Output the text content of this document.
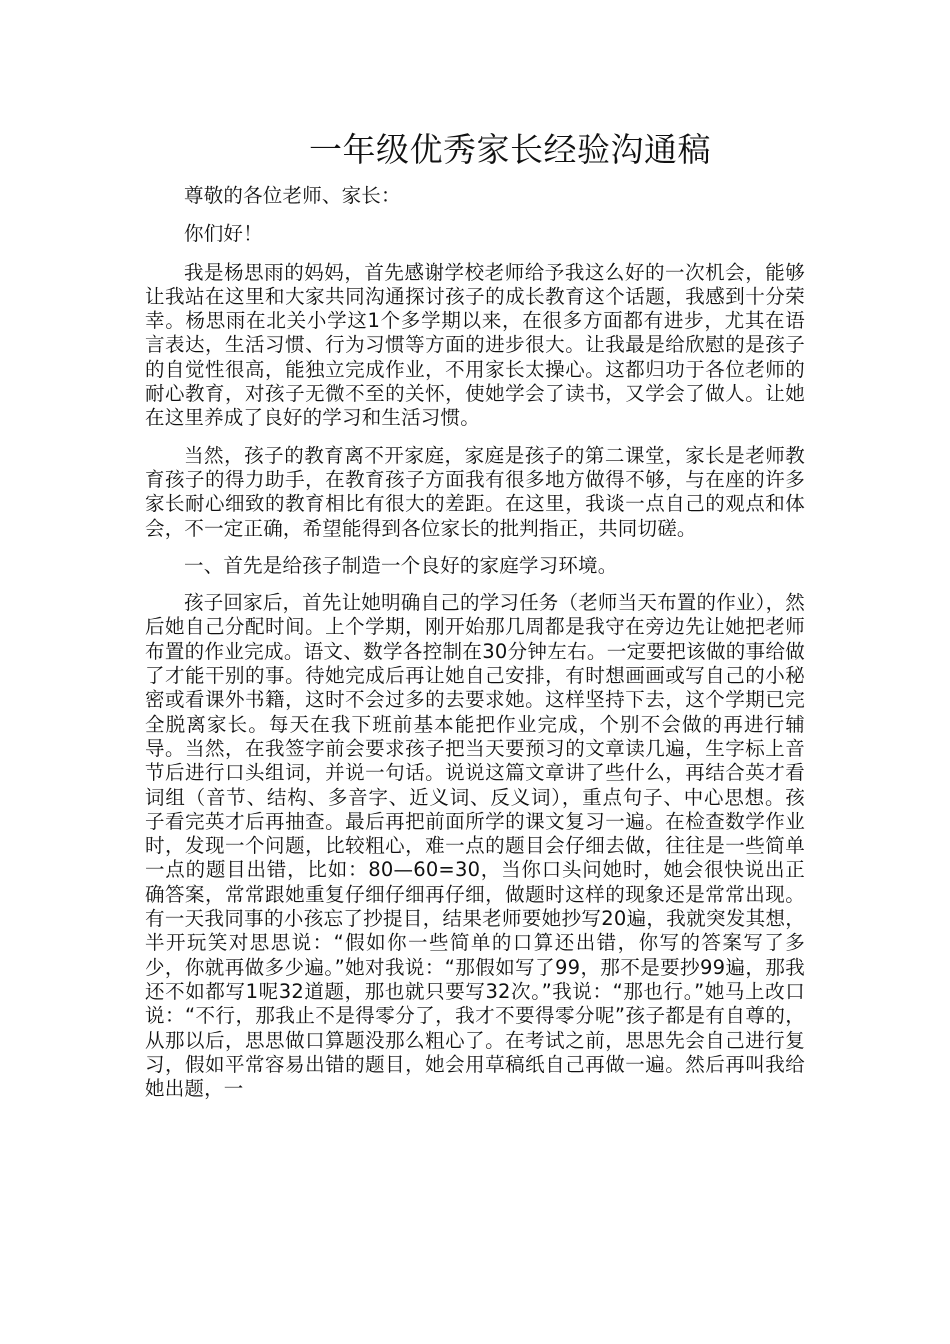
一年级优秀家长经验沟通稿

尊敬的各位老师、家长：

你们好！

我是杨思雨的妈妈，首先感谢学校老师给予我这么好的一次机会，能够让我站在这里和大家共同沟通探讨孩子的成长教育这个话题，我感到十分荣幸。杨思雨在北关小学这1个多学期以来，在很多方面都有进步，尤其在语言表达，生活习惯、行为习惯等方面的进步很大。让我最是给欣慰的是孩子的自觉性很高，能独立完成作业，不用家长太操心。这都归功于各位老师的耐心教育，对孩子无微不至的关怀，使她学会了读书，又学会了做人。让她在这里养成了良好的学习和生活习惯。

当然，孩子的教育离不开家庭，家庭是孩子的第二课堂，家长是老师教育孩子的得力助手，在教育孩子方面我有很多地方做得不够，与在座的许多家长耐心细致的教育相比有很大的差距。在这里，我谈一点自己的观点和体会，不一定正确，希望能得到各位家长的批判指正，共同切磋。

一、首先是给孩子制造一个良好的家庭学习环境。

孩子回家后，首先让她明确自己的学习任务（老师当天布置的作业），然后她自己分配时间。上个学期，刚开始那几周都是我守在旁边先让她把老师布置的作业完成。语文、数学各控制在30分钟左右。一定要把该做的事给做了才能干别的事。待她完成后再让她自己安排，有时想画画或写自己的小秘密或看课外书籍，这时不会过多的去要求她。这样坚持下去，这个学期已完全脱离家长。每天在我下班前基本能把作业完成，个别不会做的再进行辅导。当然，在我签字前会要求孩子把当天要预习的文章读几遍，生字标上音节后进行口头组词，并说一句话。说说这篇文章讲了些什么，再结合英才看词组（音节、结构、多音字、近义词、反义词），重点句子、中心思想。孩子看完英才后再抽查。最后再把前面所学的课文复习一遍。在检查数学作业时，发现一个问题，比较粗心，难一点的题目会仔细去做，往往是一些简单一点的题目出错，比如：80—60=30，当你口头问她时，她会很快说出正确答案，常常跟她重复仔细仔细再仔细，做题时这样的现象还是常常出现。有一天我同事的小孩忘了抄提目，结果老师要她抄写20遍，我就突发其想，半开玩笑对思思说：“假如你一些简单的口算还出错，你写的答案写了多少，你就再做多少遍。”她对我说：“那假如写了99，那不是要抄99遍，那我还不如都写1呢32道题，那也就只要写32次。”我说：“那也行。”她马上改口说：“不行，那我止不是得零分了，我才不要得零分呢”孩子都是有自尊的，从那以后，思思做口算题没那么粗心了。在考试之前，思思先会自己进行复习，假如平常容易出错的题目，她会用草稿纸自己再做一遍。然后再叫我给她出题，一
